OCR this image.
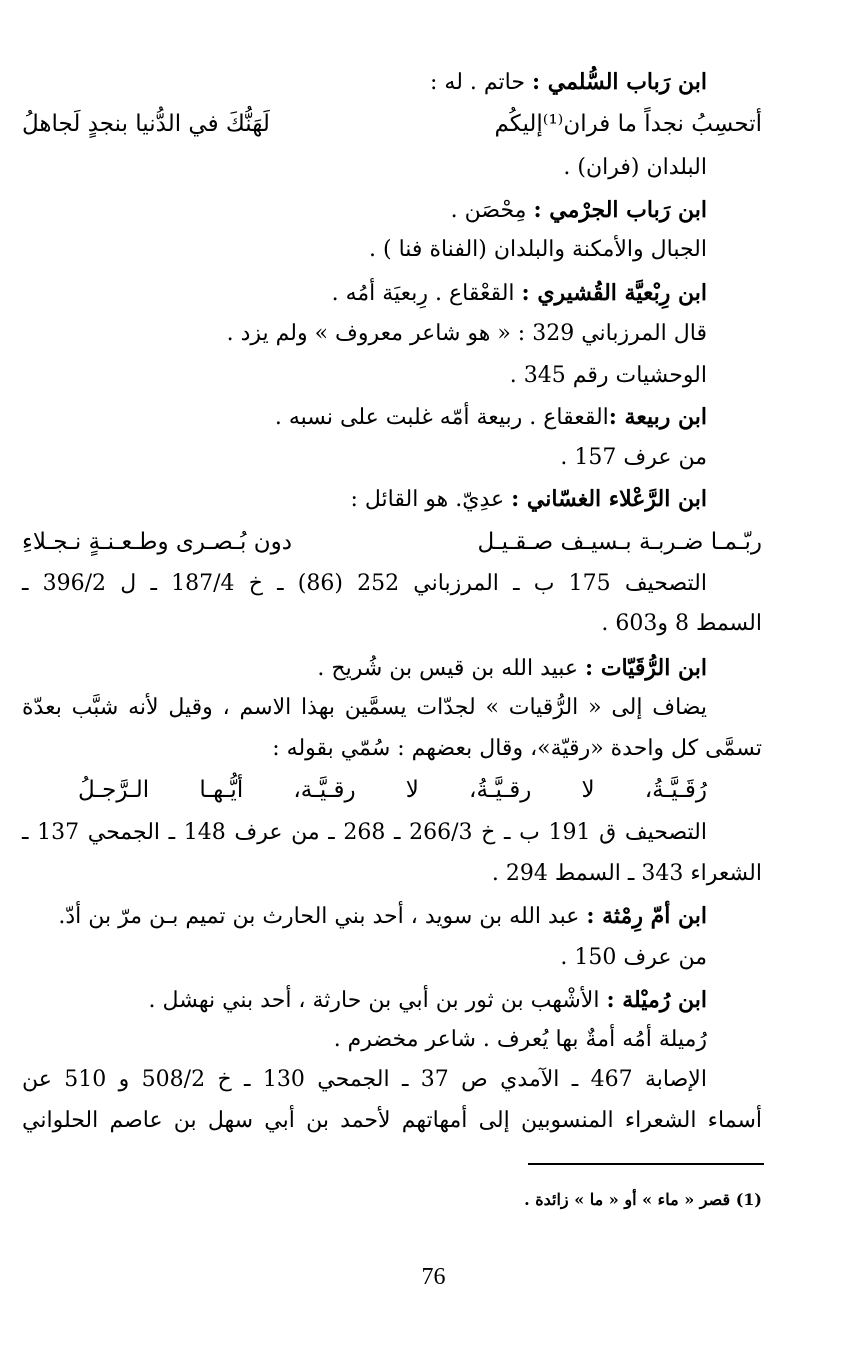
ابن رَباب السُّلمي : حاتم . له :
أتحسِبُ نجداً ما فران⁽¹⁾إليكُم
لَهَنُّكَ في الدُّنيا بنجدٍ لَجاهلُ
البلدان (فران) .
ابن رَباب الجرْمي : مِحْصَن .
الجبال والأمكنة والبلدان (الفناة فنا ) .
ابن رِبْعيَّة القُشيري : القعْقاع . رِبعيَة أمُه .
قال المرزباني 329 : « هو شاعر معروف » ولم يزد .
الوحشيات رقم 345 .
ابن ربيعة :القعقاع . ربيعة أمّه غلبت على نسبه .
من عرف 157 .
ابن الرَّعْلاء الغسّاني : عدِيّ. هو القائل :
ربّـمـا ضـربـة بـسيـف صـقـيـل
دون بُـصـرى وطـعـنـةٍ نـجـلاءِ
التصحيف 175 ب ـ المرزباني 252 (86) ـ خ 187/4 ـ ل 396/2 ـ
السمط 8 و603 .
ابن الرُّقَيّات : عبيد الله بن قيس بن شُريح .
يضاف إلى « الرُّقيات » لجدّات يسمَّين بهذا الاسم ، وقيل لأنه شبَّب بعدّة
تسمَّى كل واحدة «رقيّة»، وقال بعضهم : سُمّي بقوله :
رُقَـيَّـةُ، لا رقـيَّـةُ، لا رقـيَّـة، أيُّـهـا الـرَّجـلُ
التصحيف ق 191 ب ـ خ 266/3 ـ 268 ـ من عرف 148 ـ الجمحي 137 ـ
الشعراء 343 ـ السمط 294 .
ابن أمّ رِمْثة : عبد الله بن سويد ، أحد بني الحارث بن تميم بـن مرّ بن أدّ.
من عرف 150 .
ابن رُميْلة : الأشْهب بن ثور بن أبي بن حارثة ، أحد بني نهشل .
رُميلة أمُه أمةٌ بها يُعرف . شاعر مخضرم .
الإصابة 467 ـ الآمدي ص 37 ـ الجمحي 130 ـ خ 508/2 و 510 عن
أسماء الشعراء المنسوبين إلى أمهاتهم لأحمد بن أبي سهل بن عاصم الحلواني
(1) قصر « ماء » أو « ما » زائدة .
76
